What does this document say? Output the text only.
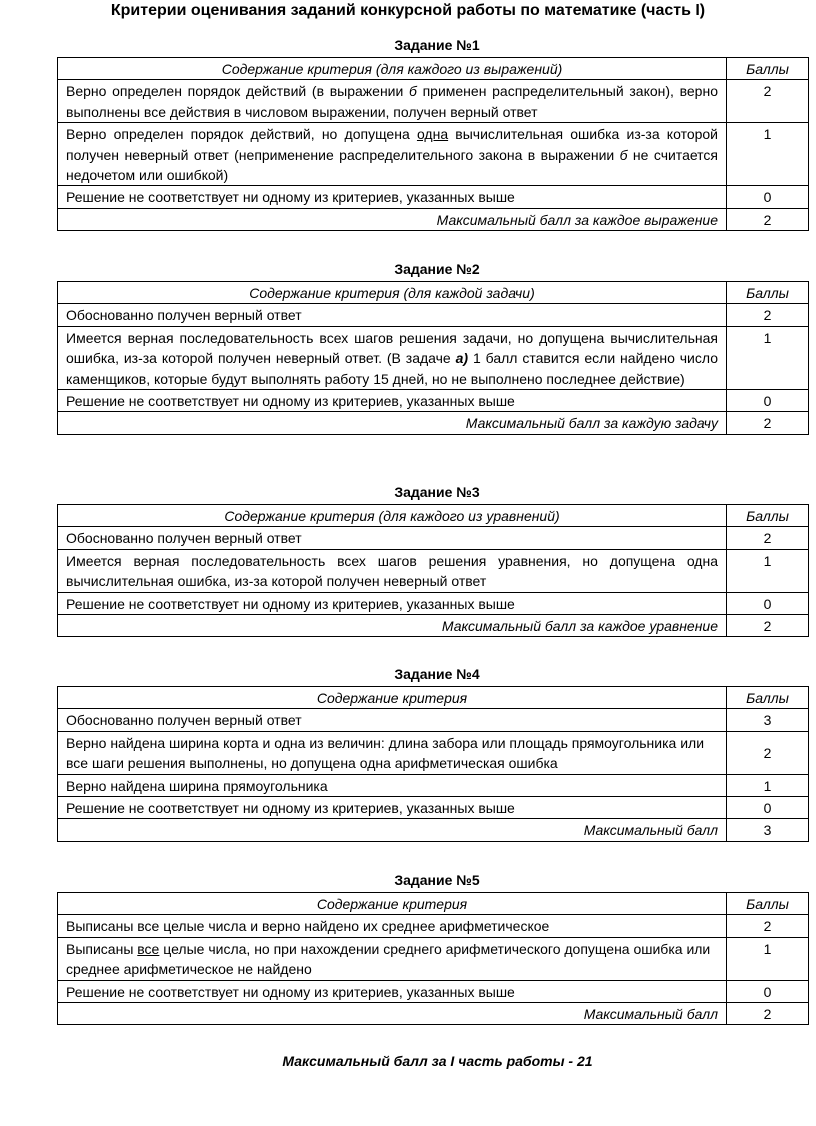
Критерии оценивания заданий конкурсной работы по математике (часть I)
Задание №1
Содержание критерия (для каждого из выражений)	Баллы
Верно определен порядок действий (в выражении б применен распределительный закон), верно выполнены все действия в числовом выражении, получен верный ответ	2
Верно определен порядок действий, но допущена одна вычислительная ошибка из-за которой получен неверный ответ (неприменение распределительного закона в выражении б не считается недочетом или ошибкой)	1
Решение не соответствует ни одному из критериев, указанных выше	0
Максимальный балл за каждое выражение	2
Задание №2
Содержание критерия (для каждой задачи)	Баллы
Обоснованно получен верный ответ	2
Имеется верная последовательность всех шагов решения задачи, но допущена вычислительная ошибка, из-за которой получен неверный ответ. (В задаче а) 1 балл ставится если найдено число каменщиков, которые будут выполнять работу 15 дней, но не выполнено последнее действие)	1
Решение не соответствует ни одному из критериев, указанных выше	0
Максимальный балл за каждую задачу	2
Задание №3
Содержание критерия (для каждого из уравнений)	Баллы
Обоснованно получен верный ответ	2
Имеется верная последовательность всех шагов решения уравнения, но допущена одна вычислительная ошибка, из-за которой получен неверный ответ	1
Решение не соответствует ни одному из критериев, указанных выше	0
Максимальный балл за каждое уравнение	2
Задание №4
Содержание критерия	Баллы
Обоснованно получен верный ответ	3
Верно найдена ширина корта и одна из величин: длина забора или площадь прямоугольника или все шаги решения выполнены, но допущена одна арифметическая ошибка	2
Верно найдена ширина прямоугольника	1
Решение не соответствует ни одному из критериев, указанных выше	0
Максимальный балл	3
Задание №5
Содержание критерия	Баллы
Выписаны все целые числа и верно найдено их среднее арифметическое	2
Выписаны все целые числа, но при нахождении среднего арифметического допущена ошибка или среднее арифметическое не найдено	1
Решение не соответствует ни одному из критериев, указанных выше	0
Максимальный балл	2
Максимальный балл за I часть работы - 21
